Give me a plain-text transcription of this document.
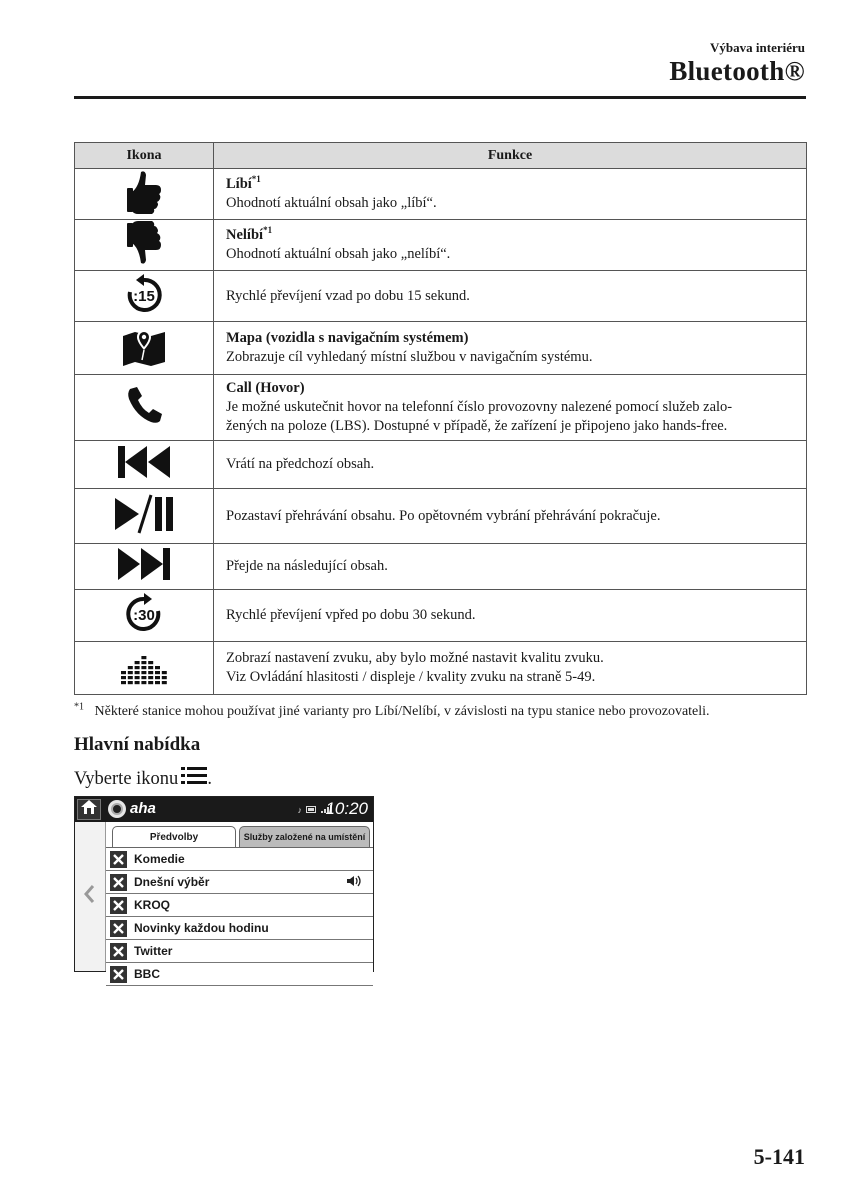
Výbava interiéru
Bluetooth®
Ikona	Funkce

Líbí$^{*1}$
Ohodnotí aktuální obsah jako „líbí“.

Nelíbí$^{*1}$
Ohodnotí aktuální obsah jako „nelíbí“.

:15	Rychlé převíjení vzad po dobu 15 sekund.

Mapa (vozidla s navigačním systémem)
Zobrazuje cíl vyhledaný místní službou v navigačním systému.

Call (Hovor)
Je možné uskutečnit hovor na telefonní číslo provozovny nalezené pomocí služeb zalo-
žených na poloze (LBS). Dostupné v případě, že zařízení je připojeno jako hands-free.

	Vrátí na předchozí obsah.
	Pozastaví přehrávání obsahu. Po opětovném vybrání přehrávání pokračuje.
	Přejde na následující obsah.

:30	Rychlé převíjení vpřed po dobu 30 sekund.

Zobrazí nastavení zvuku, aby bylo možné nastavit kvalitu zvuku.
Viz Ovládání hlasitosti / displeje / kvality zvuku na straně 5-49.
$^{*1}$ Některé stanice mohou používat jiné varianty pro Líbí/Nelíbí, v závislosti na typu stanice nebo provozovateli.
Hlavní nabídka
Vyberte ikonu .
aha	♪ 10:20
Předvolby	Služby založené na umístění
Komedie
Dnešní výběr
KROQ
Novinky každou hodinu
Twitter
BBC
5-141
